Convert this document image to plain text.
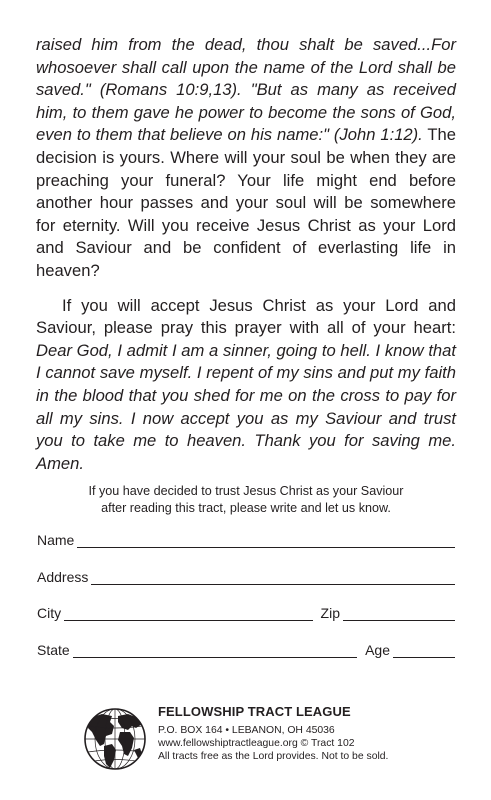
raised him from the dead, thou shalt be saved...For whosoever shall call upon the name of the Lord shall be saved." (Romans 10:9,13). "But as many as received him, to them gave he power to become the sons of God, even to them that believe on his name:" (John 1:12). The decision is yours. Where will your soul be when they are preaching your funeral? Your life might end before another hour passes and your soul will be somewhere for eternity. Will you receive Jesus Christ as your Lord and Saviour and be confident of everlasting life in heaven?

If you will accept Jesus Christ as your Lord and Saviour, please pray this prayer with all of your heart: Dear God, I admit I am a sinner, going to hell. I know that I cannot save myself. I repent of my sins and put my faith in the blood that you shed for me on the cross to pay for all my sins. I now accept you as my Saviour and trust you to take me to heaven. Thank you for saving me. Amen.

If you have decided to trust Jesus Christ as your Saviour
after reading this tract, please write and let us know.
Name
Address
City	Zip
State	Age
FELLOWSHIP TRACT LEAGUE
P.O. BOX 164 • LEBANON, OH 45036
www.fellowshiptractleague.org © Tract 102
All tracts free as the Lord provides. Not to be sold.
